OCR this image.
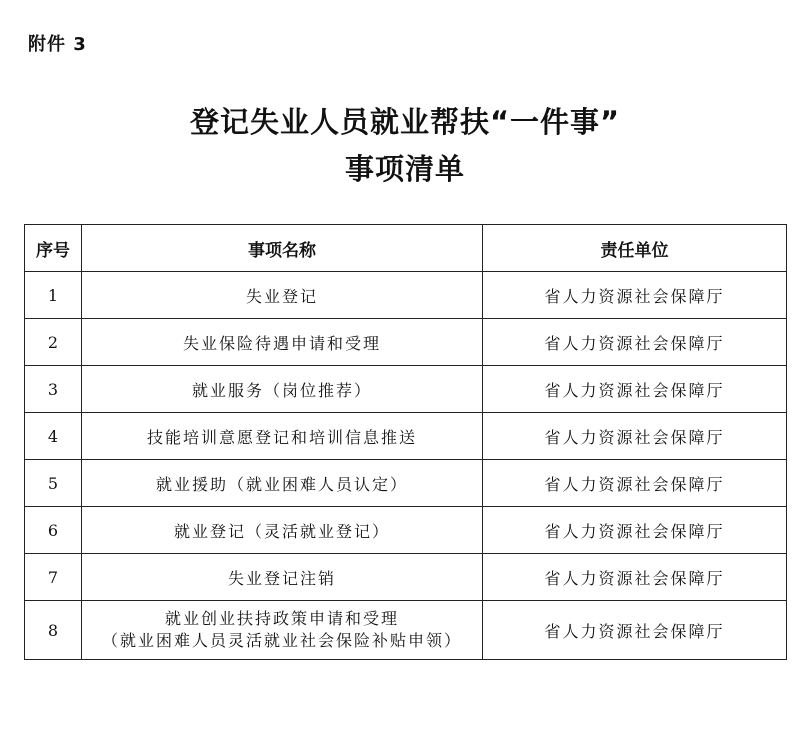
附件 3
登记失业人员就业帮扶“一件事”
事项清单
序号	事项名称	责任单位
1	失业登记	省人力资源社会保障厅
2	失业保险待遇申请和受理	省人力资源社会保障厅
3	就业服务（岗位推荐）	省人力资源社会保障厅
4	技能培训意愿登记和培训信息推送	省人力资源社会保障厅
5	就业援助（就业困难人员认定）	省人力资源社会保障厅
6	就业登记（灵活就业登记）	省人力资源社会保障厅
7	失业登记注销	省人力资源社会保障厅
8	就业创业扶持政策申请和受理
（就业困难人员灵活就业社会保险补贴申领）	省人力资源社会保障厅
